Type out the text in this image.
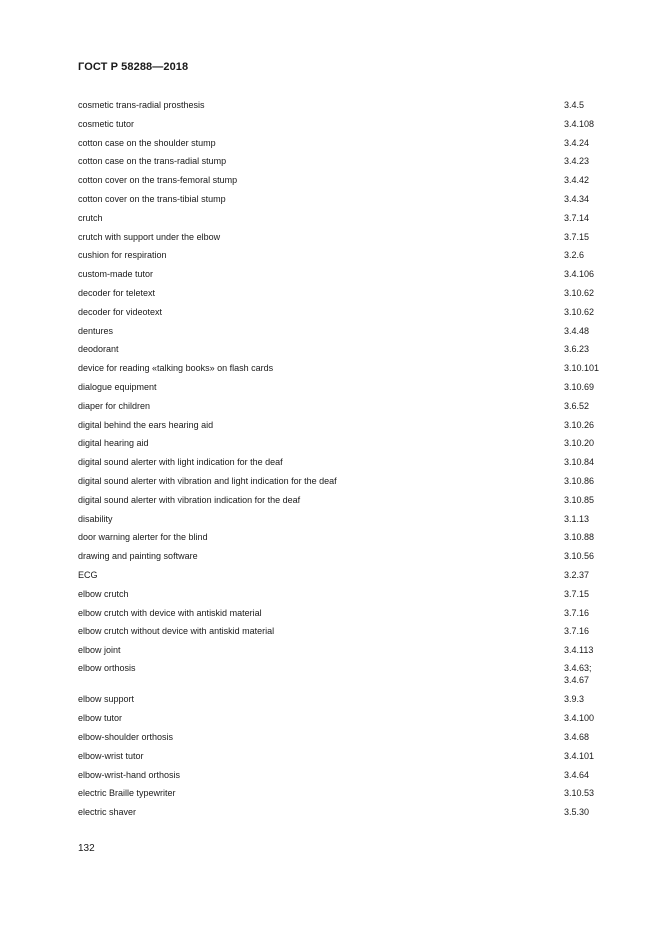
ГОСТ Р 58288—2018
cosmetic trans-radial prosthesis	3.4.5
cosmetic tutor	3.4.108
cotton case on the shoulder stump	3.4.24
cotton case on the trans-radial stump	3.4.23
cotton cover on the trans-femoral stump	3.4.42
cotton cover on the trans-tibial stump	3.4.34
crutch	3.7.14
crutch with support under the elbow	3.7.15
cushion for respiration	3.2.6
custom-made tutor	3.4.106
decoder for teletext	3.10.62
decoder for videotext	3.10.62
dentures	3.4.48
deodorant	3.6.23
device for reading «talking books» on flash cards	3.10.101
dialogue equipment	3.10.69
diaper for children	3.6.52
digital behind the ears hearing aid	3.10.26
digital hearing aid	3.10.20
digital sound alerter with light indication for the deaf	3.10.84
digital sound alerter with vibration and light indication for the deaf	3.10.86
digital sound alerter with vibration indication for the deaf	3.10.85
disability	3.1.13
door warning alerter for the blind	3.10.88
drawing and painting software	3.10.56
ECG	3.2.37
elbow crutch	3.7.15
elbow crutch with device with antiskid material	3.7.16
elbow crutch without device with antiskid material	3.7.16
elbow joint	3.4.113
elbow orthosis	3.4.63;
3.4.67
elbow support	3.9.3
elbow tutor	3.4.100
elbow-shoulder orthosis	3.4.68
elbow-wrist tutor	3.4.101
elbow-wrist-hand orthosis	3.4.64
electric Braille typewriter	3.10.53
electric shaver	3.5.30
132
